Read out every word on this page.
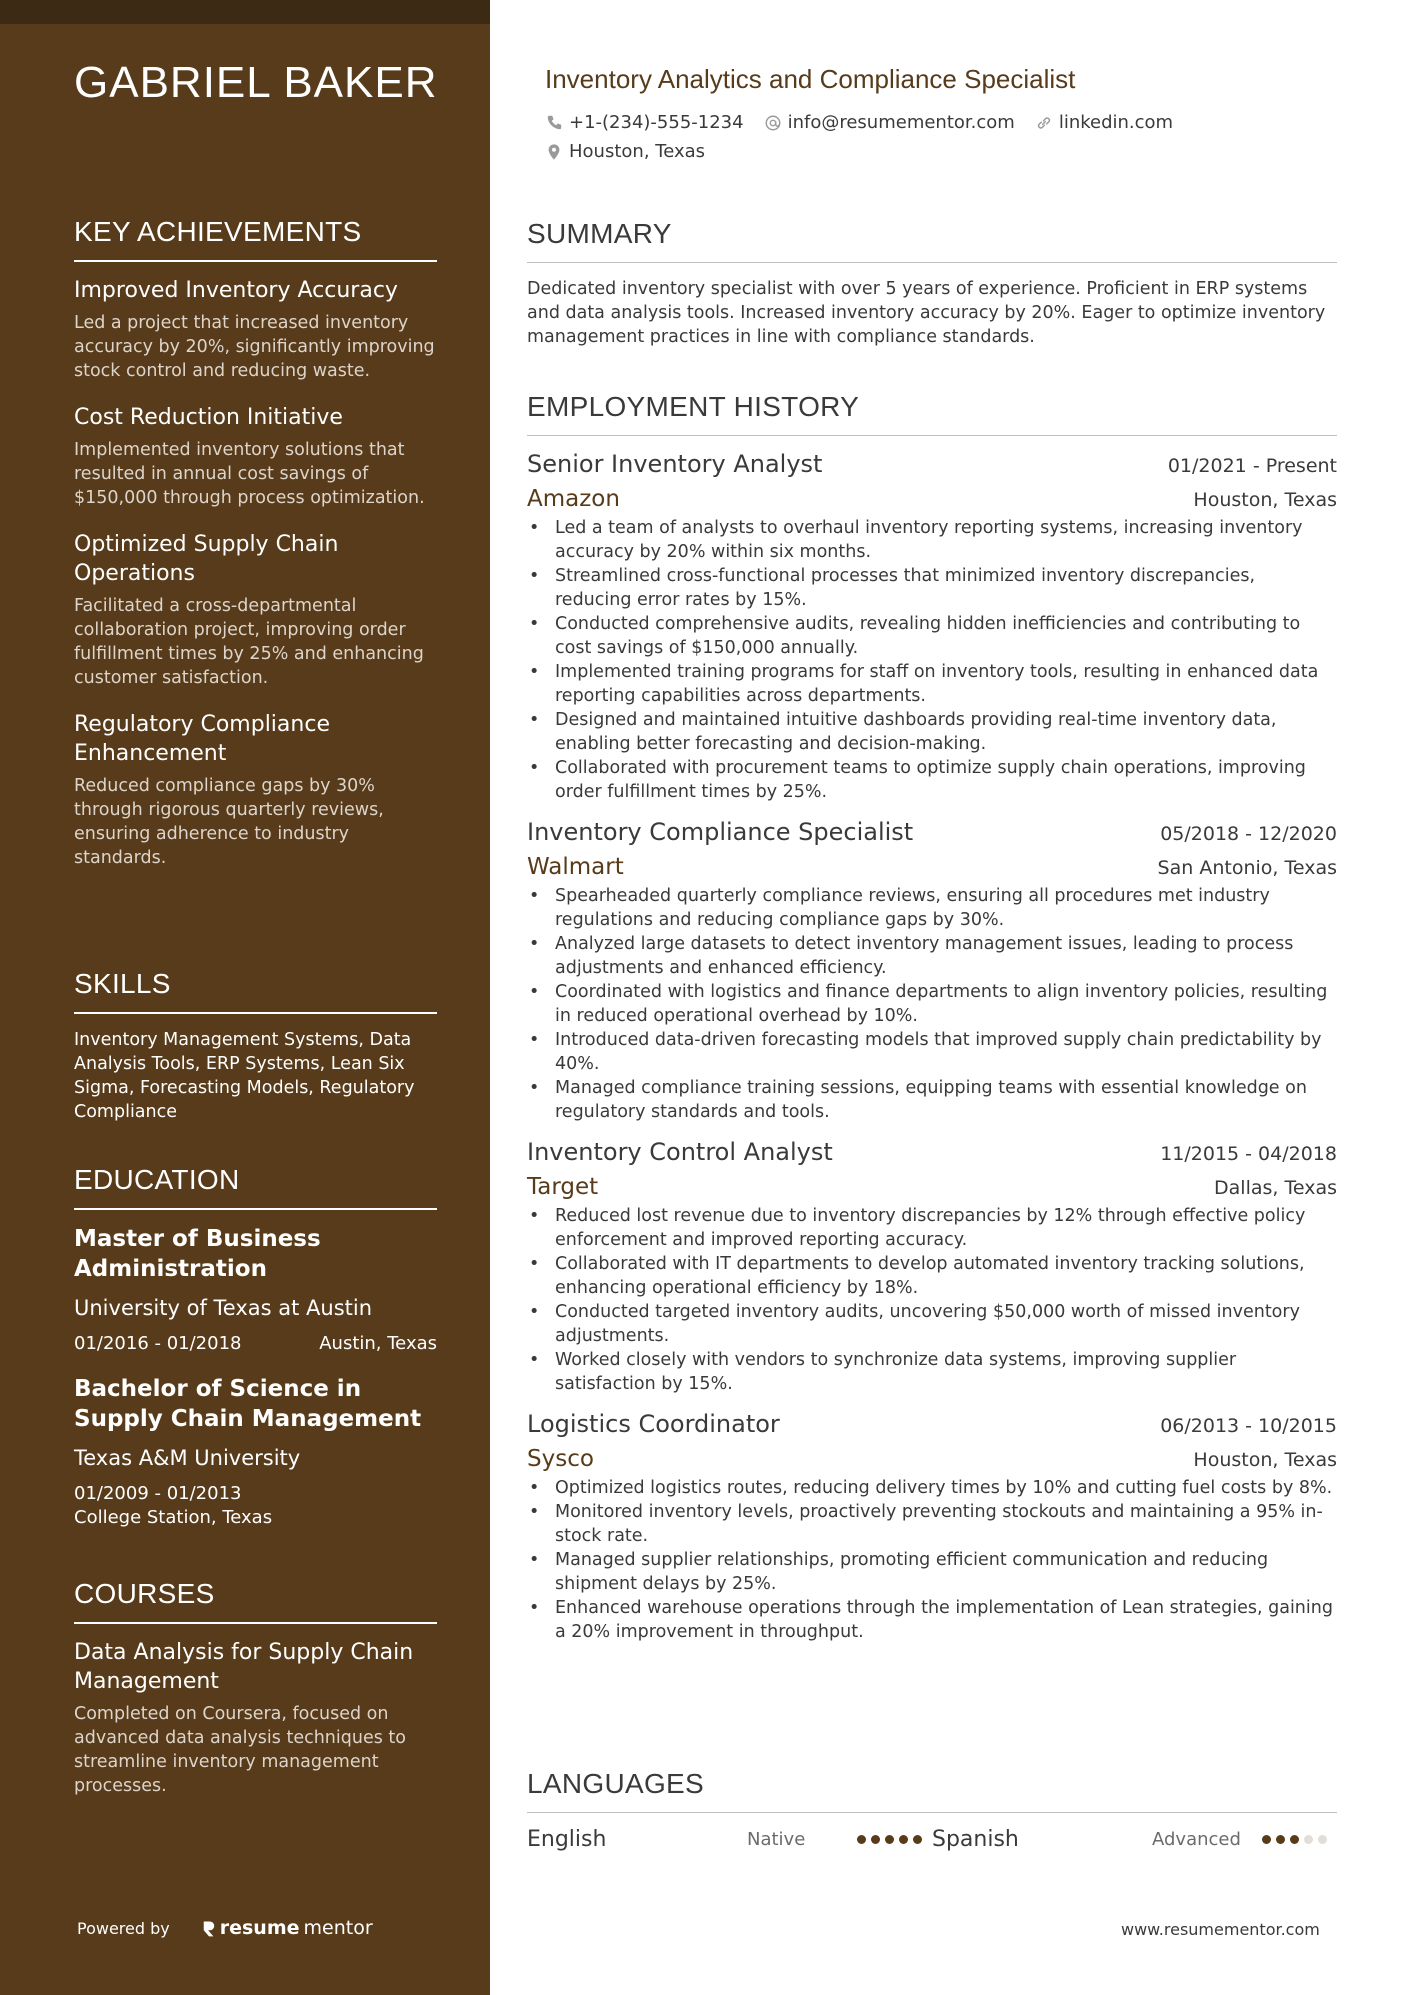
GABRIEL BAKER
KEY ACHIEVEMENTS
Improved Inventory Accuracy
Led a project that increased inventory accuracy by 20%, significantly improving stock control and reducing waste.
Cost Reduction Initiative
Implemented inventory solutions that resulted in annual cost savings of $150,000 through process optimization.
Optimized Supply Chain Operations
Facilitated a cross-departmental collaboration project, improving order fulfillment times by 25% and enhancing customer satisfaction.
Regulatory Compliance Enhancement
Reduced compliance gaps by 30% through rigorous quarterly reviews, ensuring adherence to industry standards.
SKILLS
Inventory Management Systems, Data Analysis Tools, ERP Systems, Lean Six Sigma, Forecasting Models, Regulatory Compliance
EDUCATION
Master of Business Administration
University of Texas at Austin
01/2016 - 01/2018	Austin, Texas
Bachelor of Science in Supply Chain Management
Texas A&M University
01/2009 - 01/2013
College Station, Texas
COURSES
Data Analysis for Supply Chain Management
Completed on Coursera, focused on advanced data analysis techniques to streamline inventory management processes.
Powered by	resume mentor
Inventory Analytics and Compliance Specialist
+1-(234)-555-1234 info@resumementor.com linkedin.com
Houston, Texas
SUMMARY
Dedicated inventory specialist with over 5 years of experience. Proficient in ERP systems and data analysis tools. Increased inventory accuracy by 20%. Eager to optimize inventory management practices in line with compliance standards.
EMPLOYMENT HISTORY
Senior Inventory Analyst	01/2021 - Present
Amazon	Houston, Texas
• Led a team of analysts to overhaul inventory reporting systems, increasing inventory accuracy by 20% within six months.
• Streamlined cross-functional processes that minimized inventory discrepancies, reducing error rates by 15%.
• Conducted comprehensive audits, revealing hidden inefficiencies and contributing to cost savings of $150,000 annually.
• Implemented training programs for staff on inventory tools, resulting in enhanced data reporting capabilities across departments.
• Designed and maintained intuitive dashboards providing real-time inventory data, enabling better forecasting and decision-making.
• Collaborated with procurement teams to optimize supply chain operations, improving order fulfillment times by 25%.
Inventory Compliance Specialist	05/2018 - 12/2020
Walmart	San Antonio, Texas
• Spearheaded quarterly compliance reviews, ensuring all procedures met industry regulations and reducing compliance gaps by 30%.
• Analyzed large datasets to detect inventory management issues, leading to process adjustments and enhanced efficiency.
• Coordinated with logistics and finance departments to align inventory policies, resulting in reduced operational overhead by 10%.
• Introduced data-driven forecasting models that improved supply chain predictability by 40%.
• Managed compliance training sessions, equipping teams with essential knowledge on regulatory standards and tools.
Inventory Control Analyst	11/2015 - 04/2018
Target	Dallas, Texas
• Reduced lost revenue due to inventory discrepancies by 12% through effective policy enforcement and improved reporting accuracy.
• Collaborated with IT departments to develop automated inventory tracking solutions, enhancing operational efficiency by 18%.
• Conducted targeted inventory audits, uncovering $50,000 worth of missed inventory adjustments.
• Worked closely with vendors to synchronize data systems, improving supplier satisfaction by 15%.
Logistics Coordinator	06/2013 - 10/2015
Sysco	Houston, Texas
• Optimized logistics routes, reducing delivery times by 10% and cutting fuel costs by 8%.
• Monitored inventory levels, proactively preventing stockouts and maintaining a 95% in-stock rate.
• Managed supplier relationships, promoting efficient communication and reducing shipment delays by 25%.
• Enhanced warehouse operations through the implementation of Lean strategies, gaining a 20% improvement in throughput.
LANGUAGES
English	Native	Spanish	Advanced
www.resumementor.com
